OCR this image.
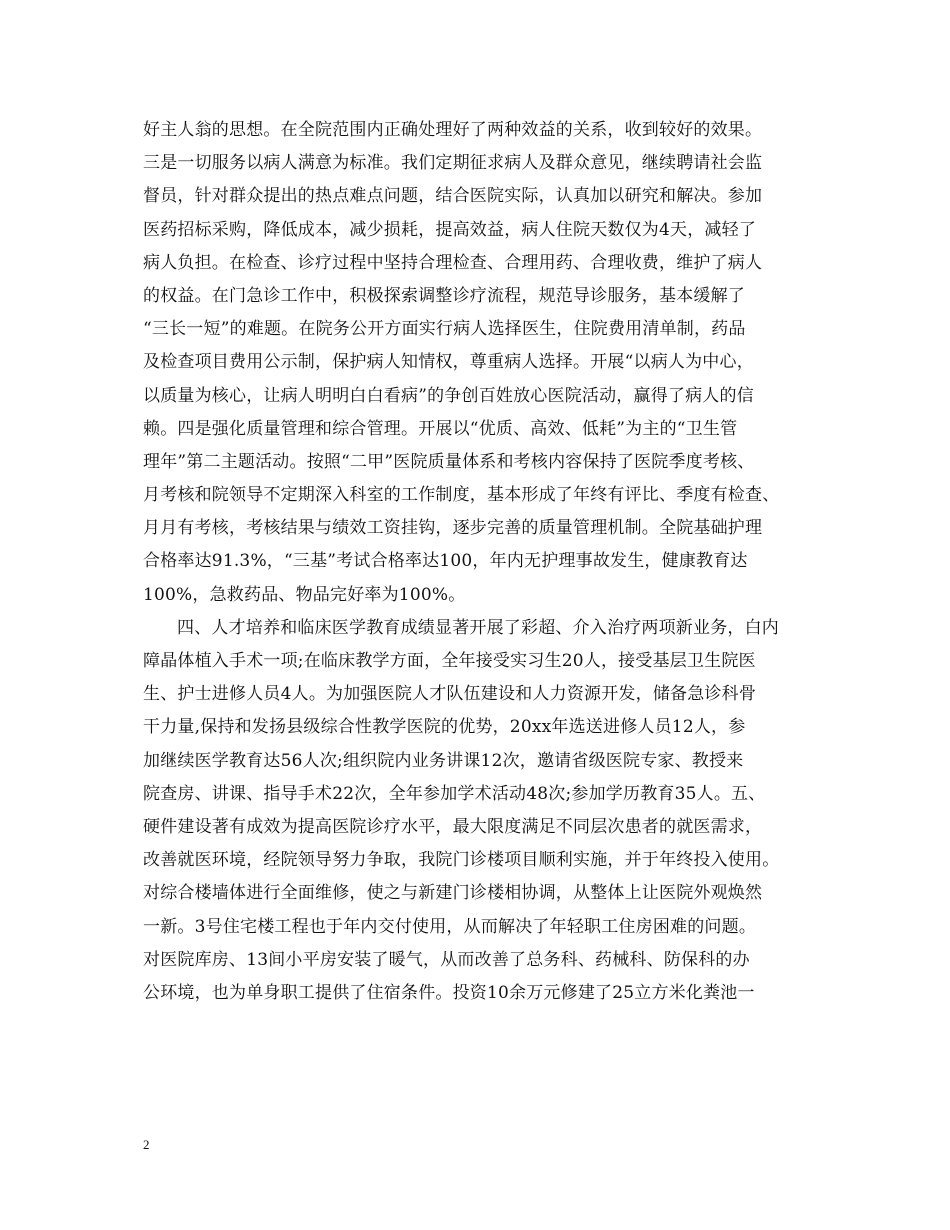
好主人翁的思想。在全院范围内正确处理好了两种效益的关系，收到较好的效果。
三是一切服务以病人满意为标准。我们定期征求病人及群众意见，继续聘请社会监
督员，针对群众提出的热点难点问题，结合医院实际，认真加以研究和解决。参加
医药招标采购，降低成本，减少损耗，提高效益，病人住院天数仅为4天，减轻了
病人负担。在检查、诊疗过程中坚持合理检查、合理用药、合理收费，维护了病人
的权益。在门急诊工作中，积极探索调整诊疗流程，规范导诊服务，基本缓解了
“三长一短”的难题。在院务公开方面实行病人选择医生，住院费用清单制，药品
及检查项目费用公示制，保护病人知情权，尊重病人选择。开展“以病人为中心，
以质量为核心，让病人明明白白看病”的争创百姓放心医院活动，赢得了病人的信
赖。四是强化质量管理和综合管理。开展以“优质、高效、低耗”为主的“卫生管
理年”第二主题活动。按照“二甲”医院质量体系和考核内容保持了医院季度考核、
月考核和院领导不定期深入科室的工作制度，基本形成了年终有评比、季度有检查、
月月有考核，考核结果与绩效工资挂钩，逐步完善的质量管理机制。全院基础护理
合格率达91.3%，“三基”考试合格率达100，年内无护理事故发生，健康教育达
100%，急救药品、物品完好率为100%。
四、人才培养和临床医学教育成绩显著开展了彩超、介入治疗两项新业务，白内
障晶体植入手术一项;在临床教学方面，全年接受实习生20人，接受基层卫生院医
生、护士进修人员4人。为加强医院人才队伍建设和人力资源开发，储备急诊科骨
干力量,保持和发扬县级综合性教学医院的优势，20xx年选送进修人员12人，参
加继续医学教育达56人次;组织院内业务讲课12次，邀请省级医院专家、教授来
院查房、讲课、指导手术22次，全年参加学术活动48次;参加学历教育35人。五、
硬件建设著有成效为提高医院诊疗水平，最大限度满足不同层次患者的就医需求，
改善就医环境，经院领导努力争取，我院门诊楼项目顺利实施，并于年终投入使用。
对综合楼墙体进行全面维修，使之与新建门诊楼相协调，从整体上让医院外观焕然
一新。3号住宅楼工程也于年内交付使用，从而解决了年轻职工住房困难的问题。
对医院库房、13间小平房安装了暖气，从而改善了总务科、药械科、防保科的办
公环境，也为单身职工提供了住宿条件。投资10余万元修建了25立方米化粪池一
2
